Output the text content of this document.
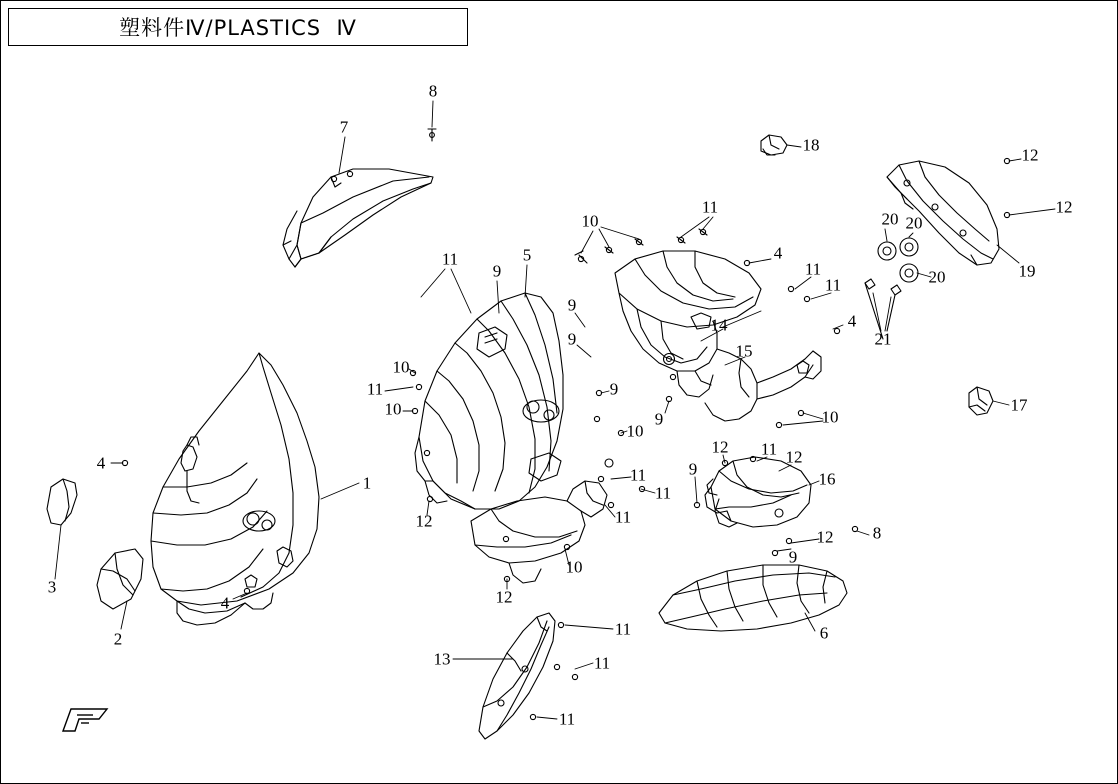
塑料件Ⅳ/PLASTICS  Ⅳ
8
7
18
12
12
10
11
20 20
4
11
11	20	19
11
9
5
9
14	4
21
9
15
10
11	9
10	17
9
10
10
4
12 11 12
9
16
1	11
11
11
12
12 8
9
3
10
4	12
2	6
11
13	11
11
